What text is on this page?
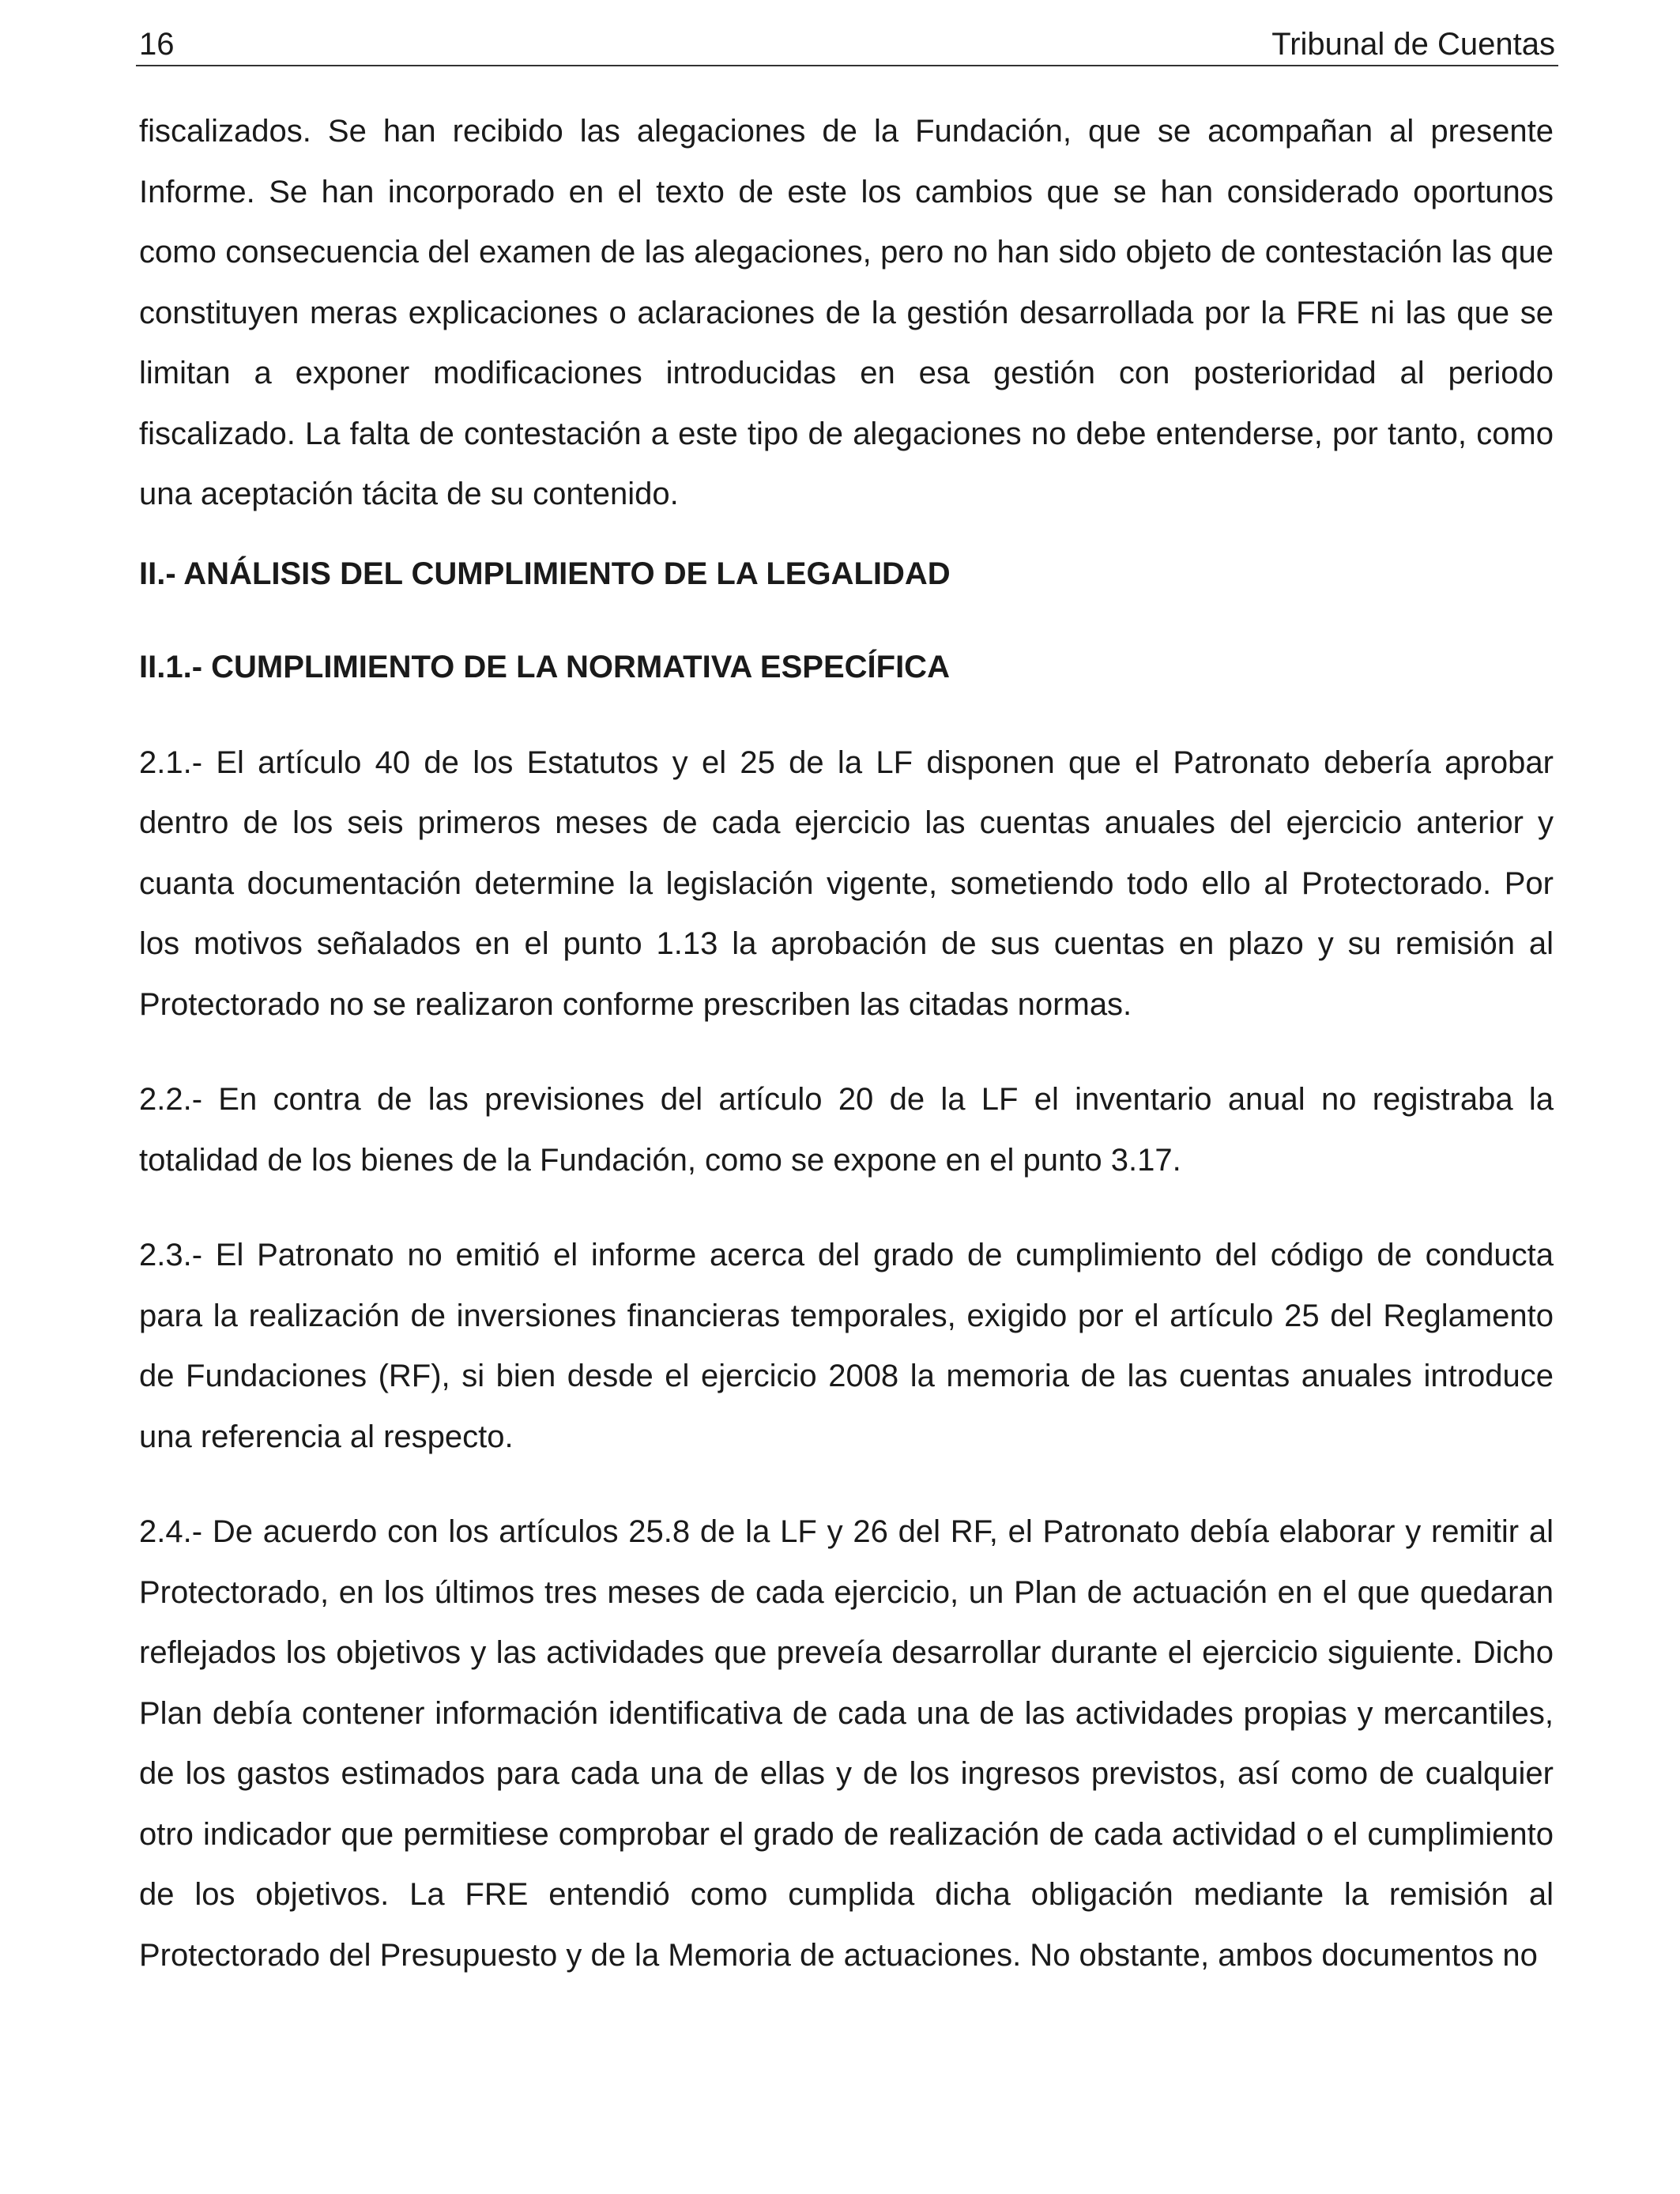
16	Tribunal de Cuentas

fiscalizados. Se han recibido las alegaciones de la Fundación, que se acompañan al presente Informe. Se han incorporado en el texto de este los cambios que se han considerado oportunos como consecuencia del examen de las alegaciones, pero no han sido objeto de contestación las que constituyen meras explicaciones o aclaraciones de la gestión desarrollada por la FRE ni las que se limitan a exponer modificaciones introducidas en esa gestión con posterioridad al periodo fiscalizado. La falta de contestación a este tipo de alegaciones no debe entenderse, por tanto, como una aceptación tácita de su contenido.

II.- ANÁLISIS DEL CUMPLIMIENTO DE LA LEGALIDAD
II.1.- CUMPLIMIENTO DE LA NORMATIVA ESPECÍFICA

2.1.- El artículo 40 de los Estatutos y el 25 de la LF disponen que el Patronato debería aprobar dentro de los seis primeros meses de cada ejercicio las cuentas anuales del ejercicio anterior y cuanta documentación determine la legislación vigente, sometiendo todo ello al Protectorado. Por los motivos señalados en el punto 1.13 la aprobación de sus cuentas en plazo y su remisión al Protectorado no se realizaron conforme prescriben las citadas normas.

2.2.- En contra de las previsiones del artículo 20 de la LF el inventario anual no registraba la totalidad de los bienes de la Fundación, como se expone en el punto 3.17.

2.3.- El Patronato no emitió el informe acerca del grado de cumplimiento del código de conducta para la realización de inversiones financieras temporales, exigido por el artículo 25 del Reglamento de Fundaciones (RF), si bien desde el ejercicio 2008 la memoria de las cuentas anuales introduce una referencia al respecto.

2.4.- De acuerdo con los artículos 25.8 de la LF y 26 del RF, el Patronato debía elaborar y remitir al Protectorado, en los últimos tres meses de cada ejercicio, un Plan de actuación en el que quedaran reflejados los objetivos y las actividades que preveía desarrollar durante el ejercicio siguiente. Dicho Plan debía contener información identificativa de cada una de las actividades propias y mercantiles, de los gastos estimados para cada una de ellas y de los ingresos previstos, así como de cualquier otro indicador que permitiese comprobar el grado de realización de cada actividad o el cumplimiento de los objetivos. La FRE entendió como cumplida dicha obligación mediante la remisión al Protectorado del Presupuesto y de la Memoria de actuaciones. No obstante, ambos documentos no
